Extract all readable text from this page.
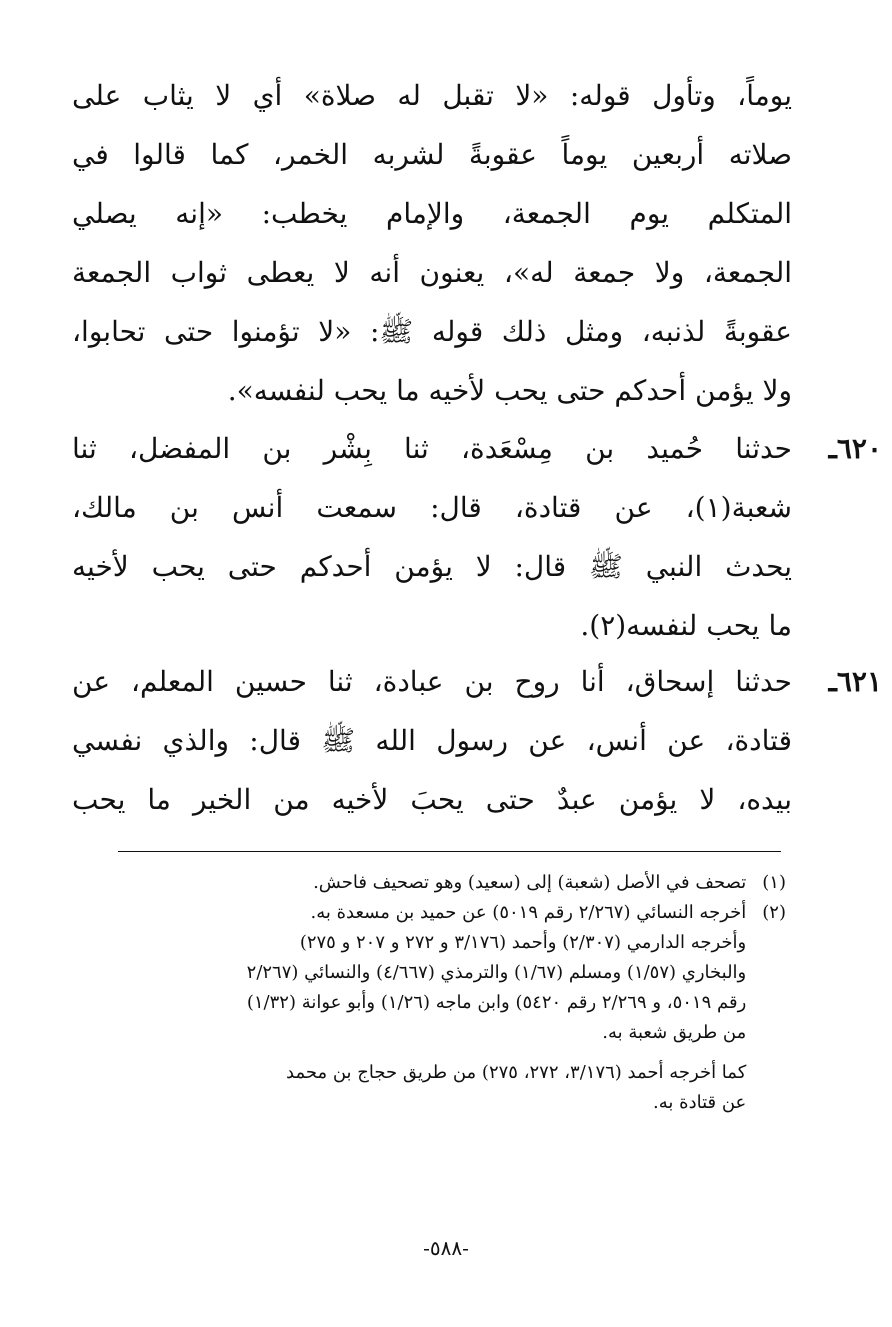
يوماً، وتأول قوله: «لا تقبل له صلاة» أي لا يثاب على
صلاته أربعين يوماً عقوبةً لشربه الخمر، كما قالوا في
المتكلم يوم الجمعة، والإمام يخطب: «إنه يصلي
الجمعة، ولا جمعة له»، يعنون أنه لا يعطى ثواب الجمعة
عقوبةً لذنبه، ومثل ذلك قوله ﷺ: «لا تؤمنوا حتى تحابوا،
ولا يؤمن أحدكم حتى يحب لأخيه ما يحب لنفسه».
٦٢٠ـ
حدثنا حُميد بن مِسْعَدة، ثنا بِشْر بن المفضل، ثنا
شعبة(١)، عن قتادة، قال: سمعت أنس بن مالك،
يحدث النبي ﷺ قال: لا يؤمن أحدكم حتى يحب لأخيه
ما يحب لنفسه(٢).
٦٢١ـ
حدثنا إسحاق، أنا روح بن عبادة، ثنا حسين المعلم، عن
قتادة، عن أنس، عن رسول الله ﷺ قال: والذي نفسي
بيده، لا يؤمن عبدٌ حتى يحبَ لأخيه من الخير ما يحب
(١) تصحف في الأصل (شعبة) إلى (سعيد) وهو تصحيف فاحش.
(٢) أخرجه النسائي (٢/٢٦٧ رقم ٥٠١٩) عن حميد بن مسعدة به.
وأخرجه الدارمي (٢/٣٠٧) وأحمد (٣/١٧٦ و ٢٧٢ و ٢٠٧ و ٢٧٥)
والبخاري (١/٥٧) ومسلم (١/٦٧) والترمذي (٤/٦٦٧) والنسائي (٢/٢٦٧
رقم ٥٠١٩، و ٢/٢٦٩ رقم ٥٤٢٠) وابن ماجه (١/٢٦) وأبو عوانة (١/٣٢)
من طريق شعبة به.
كما أخرجه أحمد (٣/١٧٦، ٢٧٢، ٢٧٥) من طريق حجاج بن محمد
عن قتادة به.
-٥٨٨-
